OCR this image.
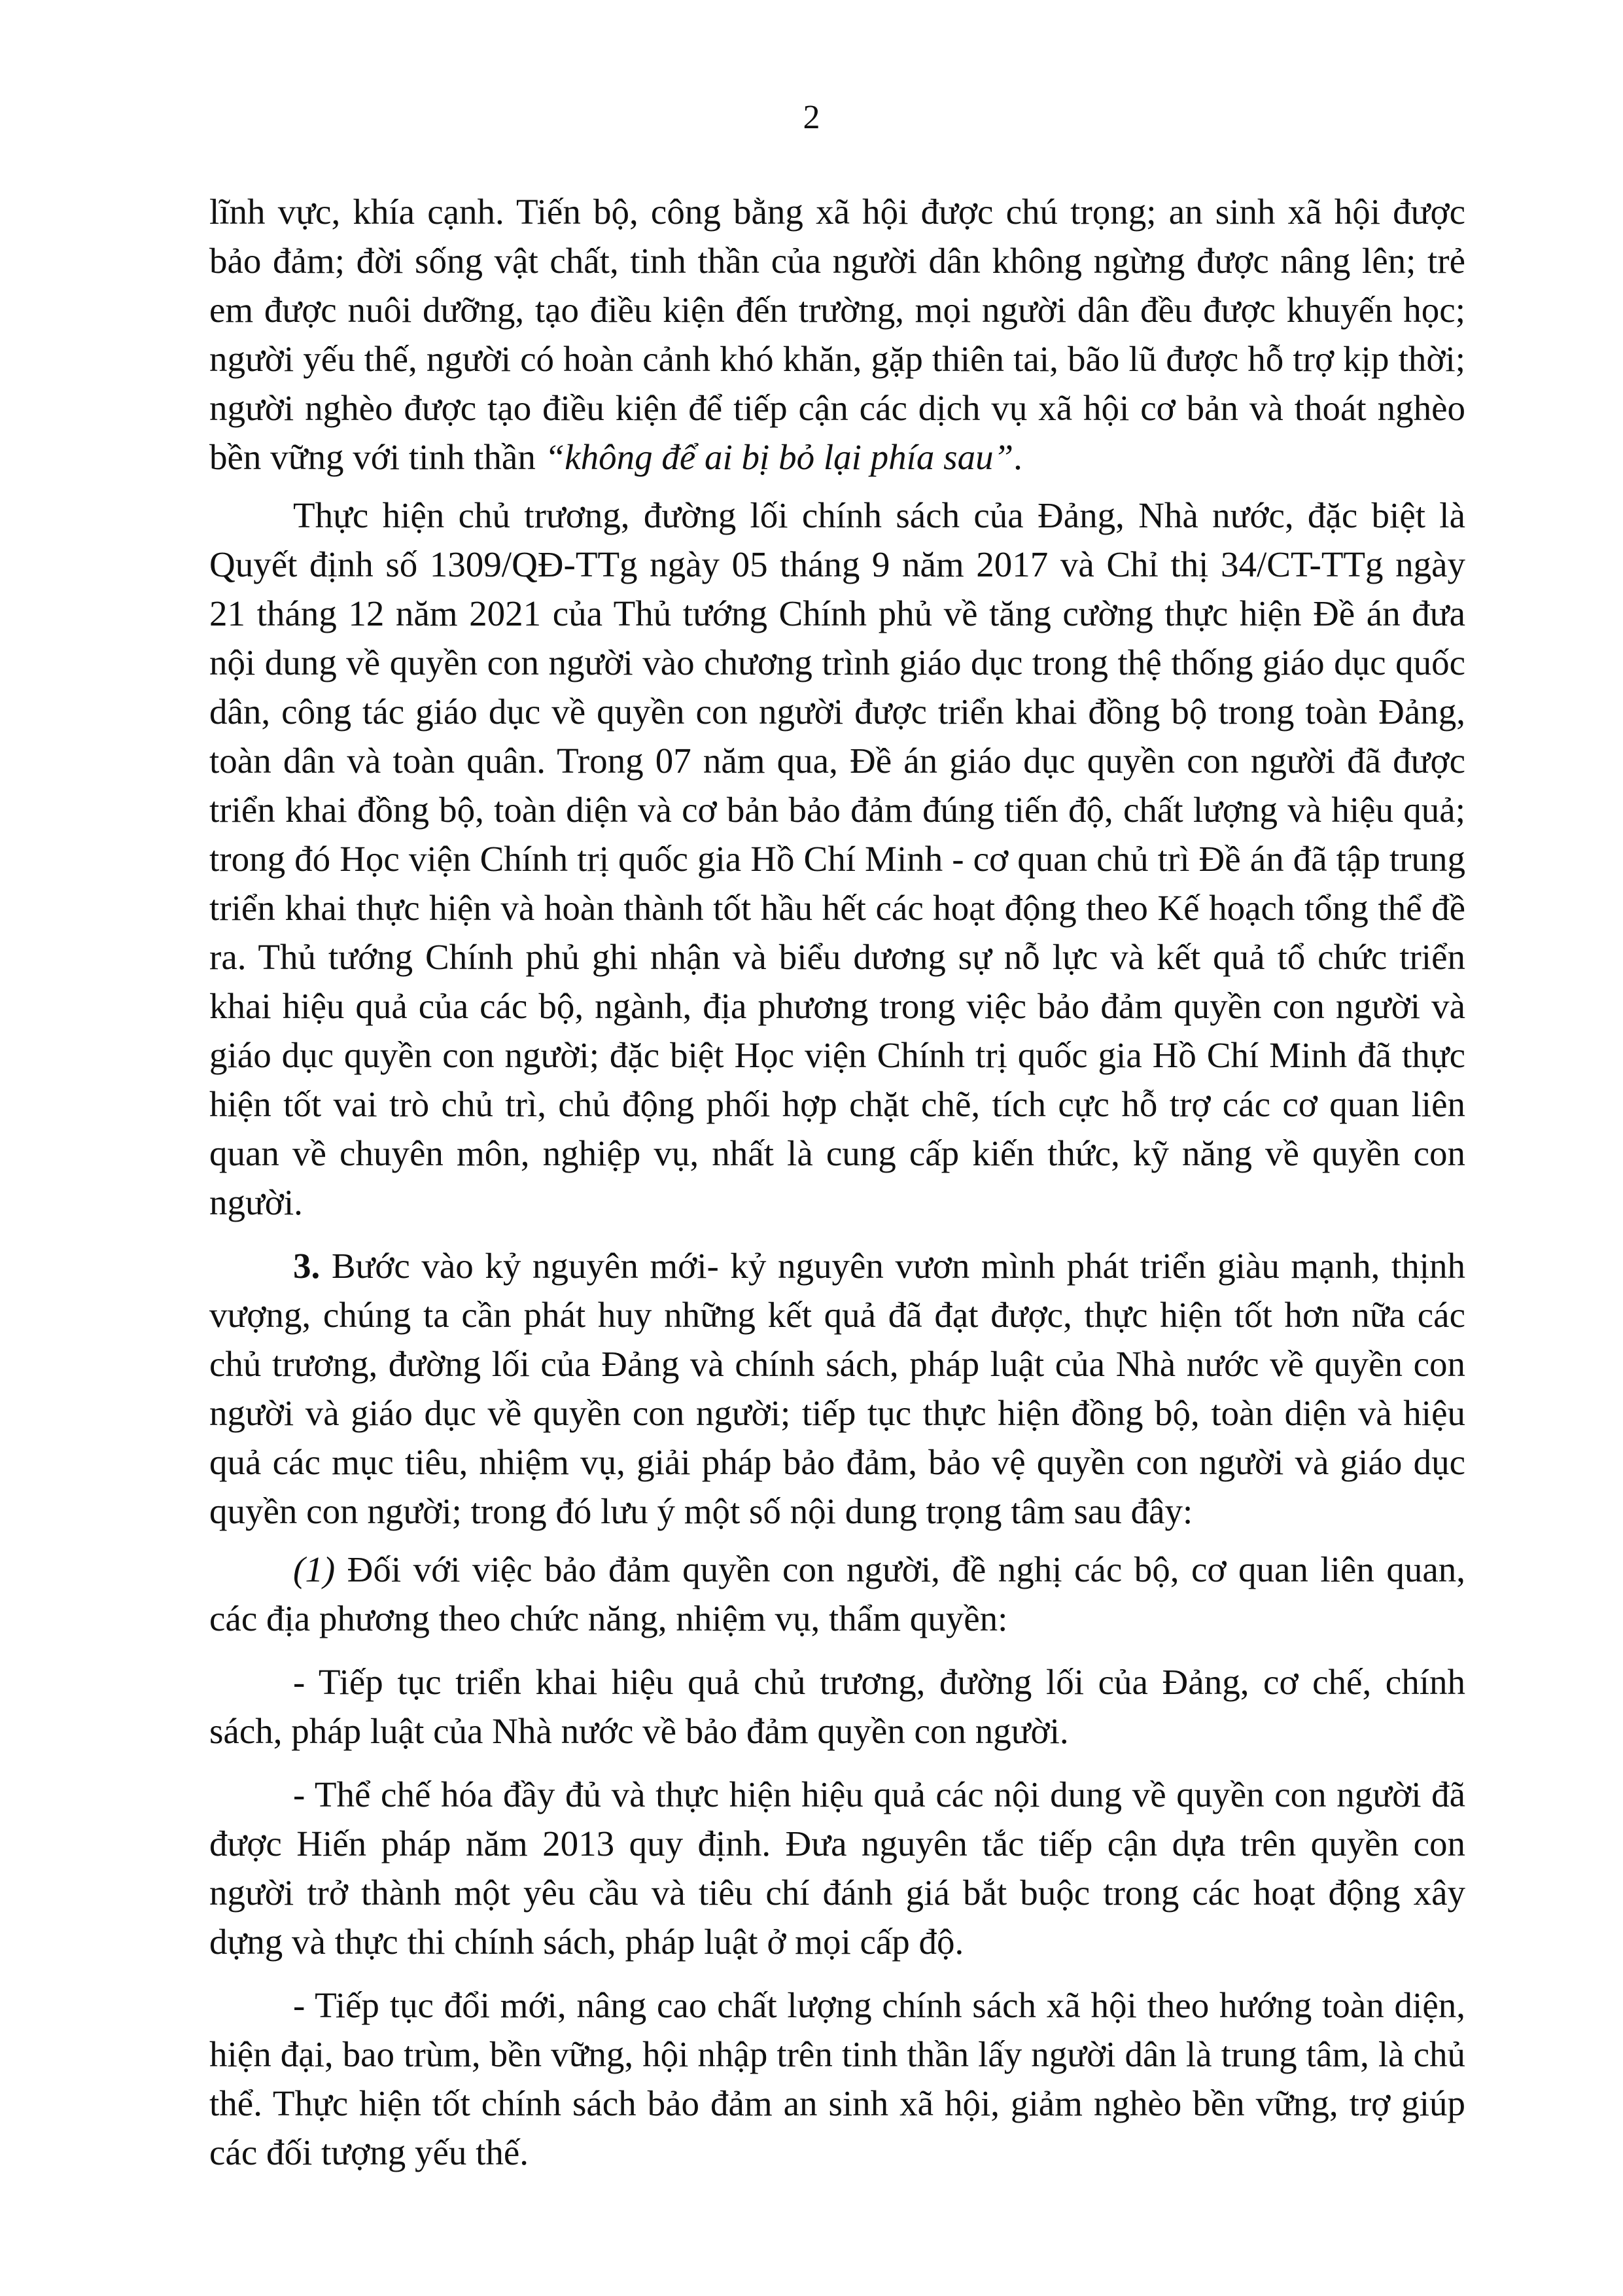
2

lĩnh vực, khía cạnh. Tiến bộ, công bằng xã hội được chú trọng; an sinh xã hội được bảo đảm; đời sống vật chất, tinh thần của người dân không ngừng được nâng lên; trẻ em được nuôi dưỡng, tạo điều kiện đến trường, mọi người dân đều được khuyến học; người yếu thế, người có hoàn cảnh khó khăn, gặp thiên tai, bão lũ được hỗ trợ kịp thời; người nghèo được tạo điều kiện để tiếp cận các dịch vụ xã hội cơ bản và thoát nghèo bền vững với tinh thần “không để ai bị bỏ lại phía sau”.

Thực hiện chủ trương, đường lối chính sách của Đảng, Nhà nước, đặc biệt là Quyết định số 1309/QĐ-TTg ngày 05 tháng 9 năm 2017 và Chỉ thị 34/CT-TTg ngày 21 tháng 12 năm 2021 của Thủ tướng Chính phủ về tăng cường thực hiện Đề án đưa nội dung về quyền con người vào chương trình giáo dục trong thệ thống giáo dục quốc dân, công tác giáo dục về quyền con người được triển khai đồng bộ trong toàn Đảng, toàn dân và toàn quân. Trong 07 năm qua, Đề án giáo dục quyền con người đã được triển khai đồng bộ, toàn diện và cơ bản bảo đảm đúng tiến độ, chất lượng và hiệu quả; trong đó Học viện Chính trị quốc gia Hồ Chí Minh - cơ quan chủ trì Đề án đã tập trung triển khai thực hiện và hoàn thành tốt hầu hết các hoạt động theo Kế hoạch tổng thể đề ra. Thủ tướng Chính phủ ghi nhận và biểu dương sự nỗ lực và kết quả tổ chức triển khai hiệu quả của các bộ, ngành, địa phương trong việc bảo đảm quyền con người và giáo dục quyền con người; đặc biệt Học viện Chính trị quốc gia Hồ Chí Minh đã thực hiện tốt vai trò chủ trì, chủ động phối hợp chặt chẽ, tích cực hỗ trợ các cơ quan liên quan về chuyên môn, nghiệp vụ, nhất là cung cấp kiến thức, kỹ năng về quyền con người.

3. Bước vào kỷ nguyên mới- kỷ nguyên vươn mình phát triển giàu mạnh, thịnh vượng, chúng ta cần phát huy những kết quả đã đạt được, thực hiện tốt hơn nữa các chủ trương, đường lối của Đảng và chính sách, pháp luật của Nhà nước về quyền con người và giáo dục về quyền con người; tiếp tục thực hiện đồng bộ, toàn diện và hiệu quả các mục tiêu, nhiệm vụ, giải pháp bảo đảm, bảo vệ quyền con người và giáo dục quyền con người; trong đó lưu ý một số nội dung trọng tâm sau đây:

(1) Đối với việc bảo đảm quyền con người, đề nghị các bộ, cơ quan liên quan, các địa phương theo chức năng, nhiệm vụ, thẩm quyền:

- Tiếp tục triển khai hiệu quả chủ trương, đường lối của Đảng, cơ chế, chính sách, pháp luật của Nhà nước về bảo đảm quyền con người.

- Thể chế hóa đầy đủ và thực hiện hiệu quả các nội dung về quyền con người đã được Hiến pháp năm 2013 quy định. Đưa nguyên tắc tiếp cận dựa trên quyền con người trở thành một yêu cầu và tiêu chí đánh giá bắt buộc trong các hoạt động xây dựng và thực thi chính sách, pháp luật ở mọi cấp độ.

- Tiếp tục đổi mới, nâng cao chất lượng chính sách xã hội theo hướng toàn diện, hiện đại, bao trùm, bền vững, hội nhập trên tinh thần lấy người dân là trung tâm, là chủ thể. Thực hiện tốt chính sách bảo đảm an sinh xã hội, giảm nghèo bền vững, trợ giúp các đối tượng yếu thế.
